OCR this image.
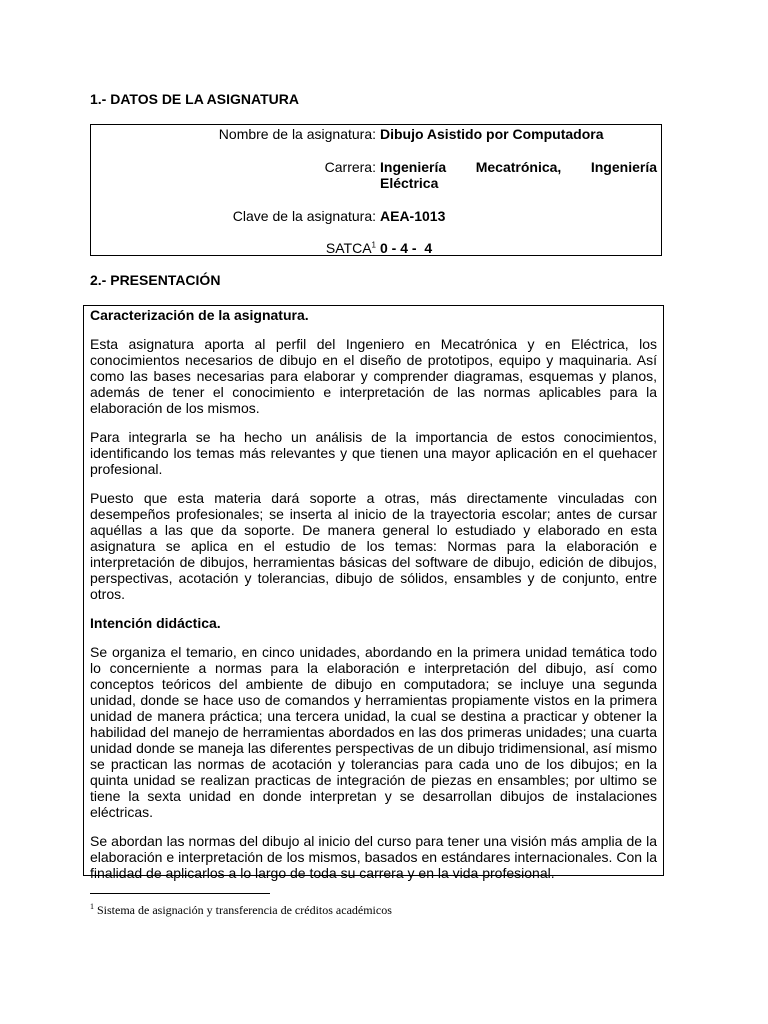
1.- DATOS DE LA ASIGNATURA
Nombre de la asignatura: Dibujo Asistido por Computadora
Carrera: Ingeniería Mecatrónica, Ingeniería
Eléctrica
Clave de la asignatura: AEA-1013
SATCA$^1$ 0 - 4 -  4
2.- PRESENTACIÓN

Caracterización de la asignatura.

Esta asignatura aporta al perfil del Ingeniero en Mecatrónica y en Eléctrica, los conocimientos necesarios de dibujo en el diseño de prototipos, equipo y maquinaria. Así como las bases necesarias para elaborar y comprender diagramas, esquemas y planos, además de tener el conocimiento e interpretación de las normas aplicables para la elaboración de los mismos.

Para integrarla se ha hecho un análisis de la importancia de estos conocimientos, identificando los temas más relevantes y que tienen una mayor aplicación en el quehacer profesional.

Puesto que esta materia dará soporte a otras, más directamente vinculadas con desempeños profesionales; se inserta al inicio de la trayectoria escolar; antes de cursar aquéllas a las que da soporte. De manera general lo estudiado y elaborado en esta asignatura se aplica en el estudio de los temas: Normas para la elaboración e interpretación de dibujos, herramientas básicas del software de dibujo, edición de dibujos, perspectivas, acotación y tolerancias, dibujo de sólidos, ensambles y de conjunto, entre otros.

Intención didáctica.

Se organiza el temario, en cinco unidades, abordando en la primera unidad temática todo lo concerniente a normas para la elaboración e interpretación del dibujo, así como conceptos teóricos del ambiente de dibujo en computadora; se incluye una segunda unidad, donde se hace uso de comandos y herramientas propiamente vistos en la primera unidad de manera práctica; una tercera unidad, la cual se destina a practicar y obtener la habilidad del manejo de herramientas abordados en las dos primeras unidades; una cuarta unidad donde se maneja las diferentes perspectivas de un dibujo tridimensional, así mismo se practican las normas de acotación y tolerancias para cada uno de los dibujos; en la quinta unidad se realizan practicas de integración de piezas en ensambles; por ultimo se tiene la sexta unidad en donde interpretan y se desarrollan dibujos de instalaciones eléctricas.

Se abordan las normas del dibujo al inicio del curso para tener una visión más amplia de la elaboración e interpretación de los mismos, basados en estándares internacionales. Con la finalidad de aplicarlos a lo largo de toda su carrera y en la vida profesional.

$^1$ Sistema de asignación y transferencia de créditos académicos
